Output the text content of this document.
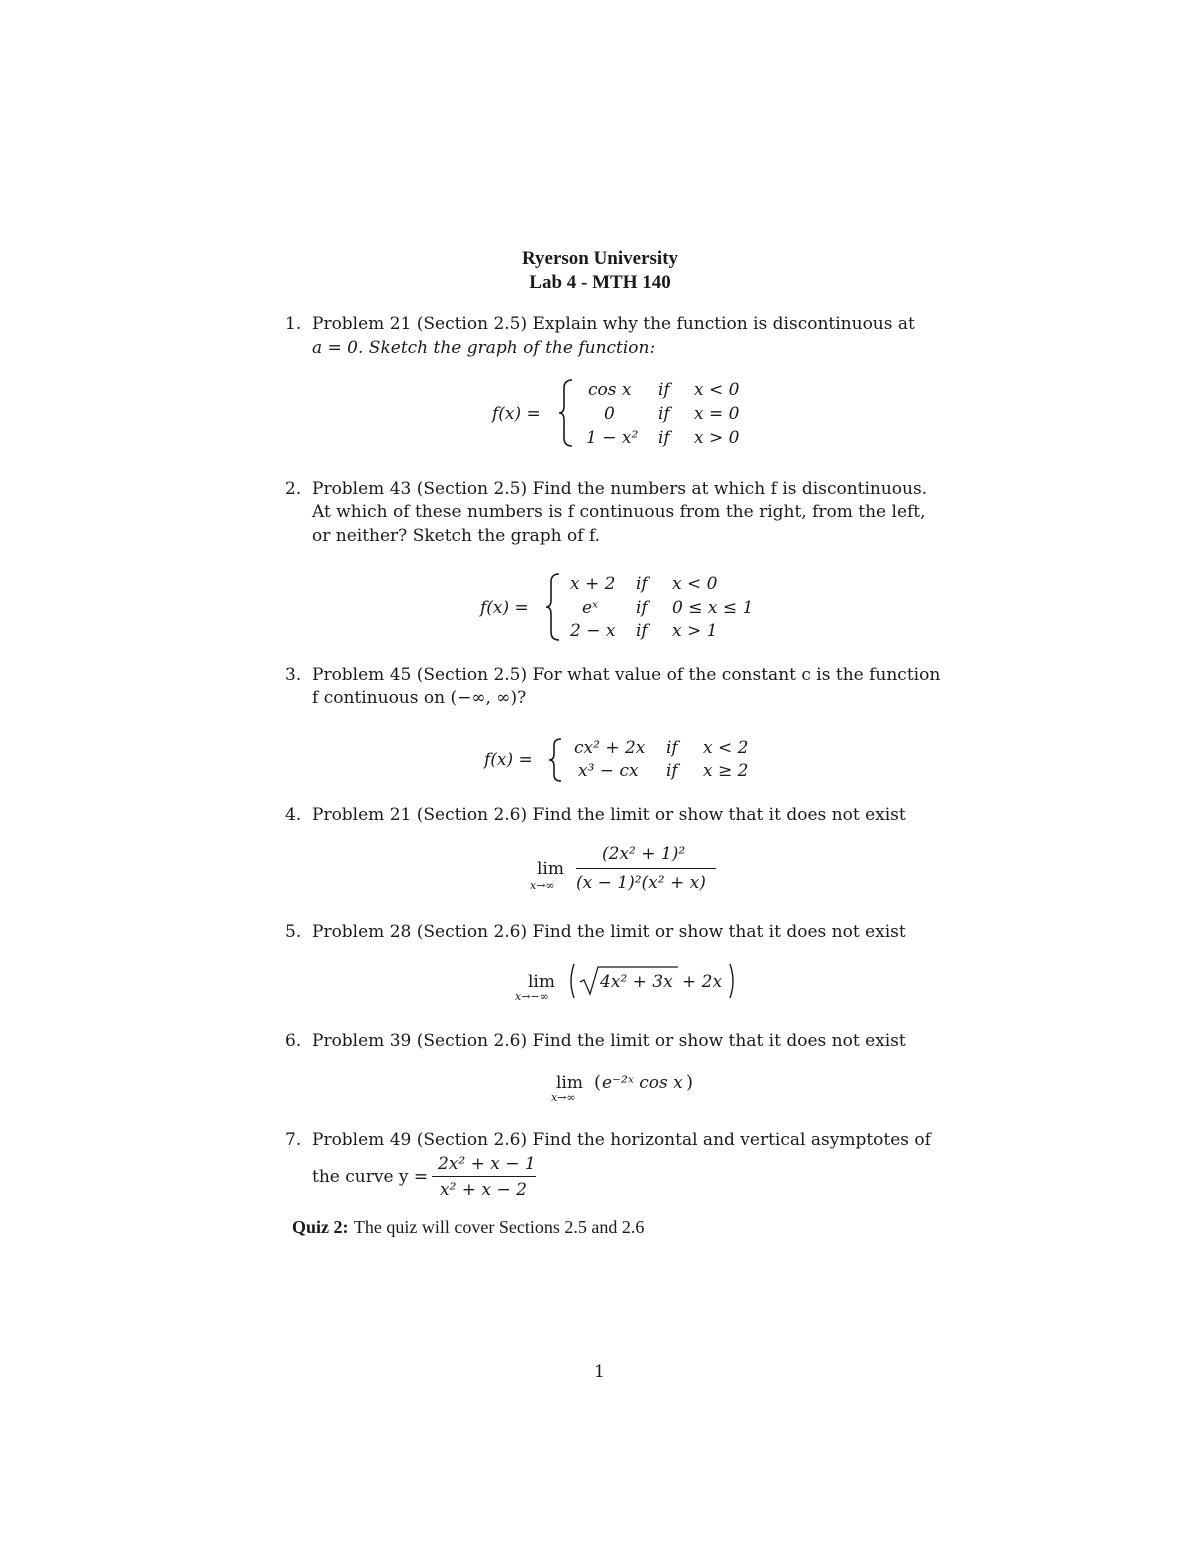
Ryerson University
Lab 4 - MTH 140
1. Problem 21 (Section 2.5) Explain why the function is discontinuous at
a = 0. Sketch the graph of the function:
f(x) =
cos x if x < 0
0	if x = 0
1 − x² if x > 0
2. Problem 43 (Section 2.5) Find the numbers at which f is discontinuous.
At which of these numbers is f continuous from the right, from the left,
or neither? Sketch the graph of f.
f(x) =
x + 2 if x < 0
eˣ if 0 ≤ x ≤ 1
2 − x if x > 1
3. Problem 45 (Section 2.5) For what value of the constant c is the function
f continuous on (−∞, ∞)?
f(x) =
cx² + 2x if x < 2
x³ − cx if x ≥ 2
4. Problem 21 (Section 2.6) Find the limit or show that it does not exist
lim
x→∞
(2x² + 1)²
(x − 1)²(x² + x)
5. Problem 28 (Section 2.6) Find the limit or show that it does not exist
lim
x→−∞
4x² + 3x + 2x
6. Problem 39 (Section 2.6) Find the limit or show that it does not exist
lim
x→∞
( e⁻²ˣ cos x )
7. Problem 49 (Section 2.6) Find the horizontal and vertical asymptotes of
the curve y =
2x² + x − 1
x² + x − 2
Quiz 2: The quiz will cover Sections 2.5 and 2.6
1
